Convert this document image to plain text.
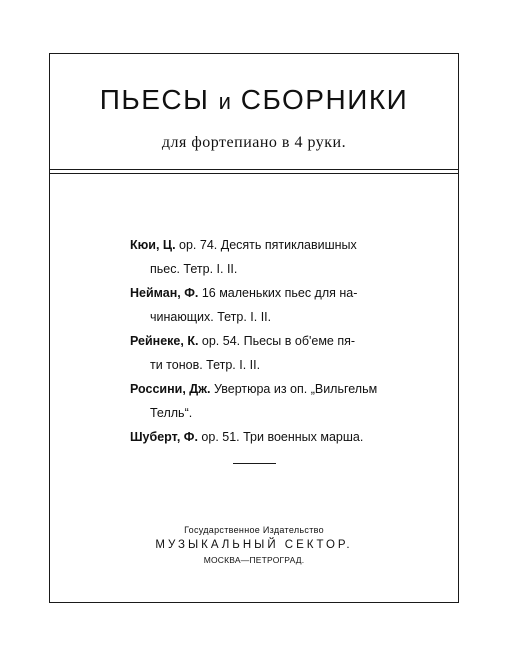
ПЬЕСЫ и СБОРНИКИ
для фортепиано в 4 руки.
Кюи, Ц. ор. 74. Десять пятиклавишных
пьес. Тетр. I. II.
Нейман, Ф. 16 маленьких пьес для на-
чинающих. Тетр. I. II.
Рейнеке, К. ор. 54. Пьесы в об'еме пя-
ти тонов. Тетр. I. II.
Россини, Дж. Увертюра из оп. „Вильгельм
Телль“.
Шуберт, Ф. ор. 51. Три военных марша.
Государственное Издательство
МУЗЫКАЛЬНЫЙ СЕКТОР.
МОСКВА—ПЕТРОГРАД.
